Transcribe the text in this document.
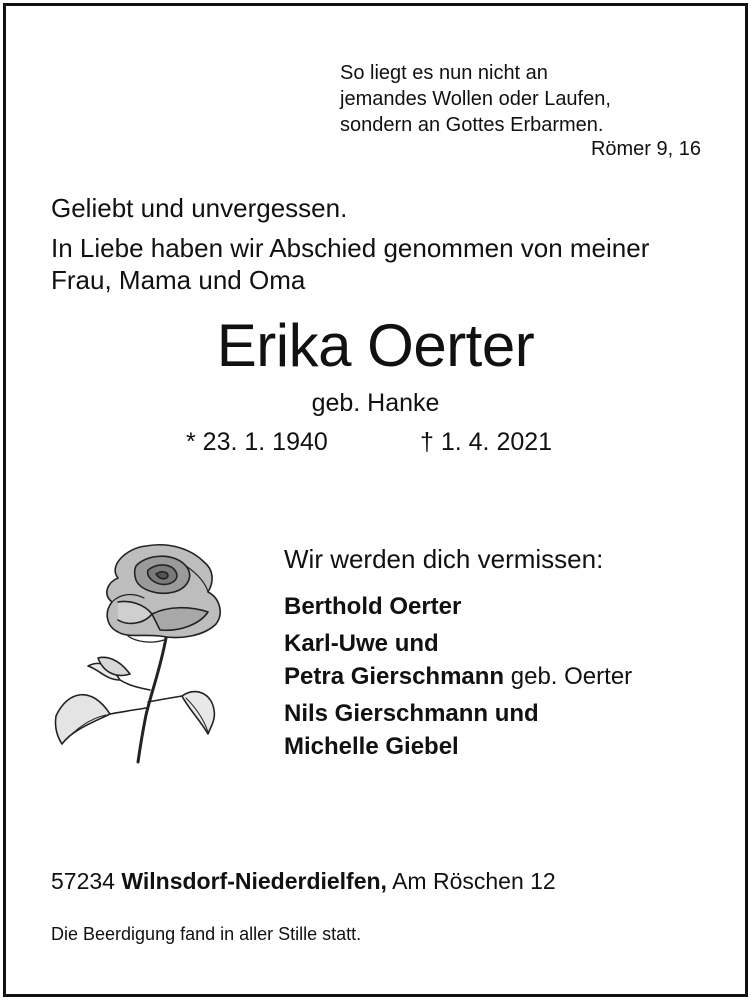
So liegt es nun nicht an
jemandes Wollen oder Laufen,
sondern an Gottes Erbarmen.
Römer 9, 16
Geliebt und unvergessen.
In Liebe haben wir Abschied genommen von meiner
Frau, Mama und Oma
Erika Oerter
geb. Hanke
* 23. 1. 1940	† 1. 4. 2021
Wir werden dich vermissen:
Berthold Oerter
Karl-Uwe und
Petra Gierschmann geb. Oerter
Nils Gierschmann und
Michelle Giebel
57234 Wilnsdorf-Niederdielfen, Am Röschen 12
Die Beerdigung fand in aller Stille statt.
